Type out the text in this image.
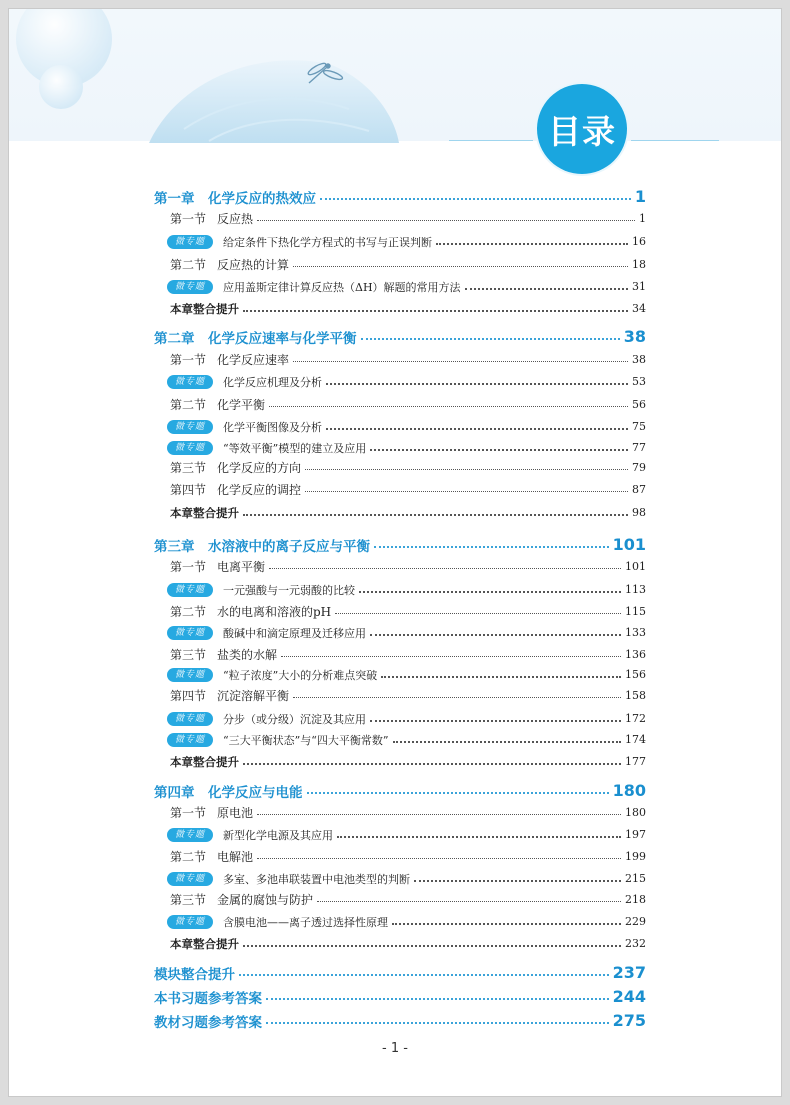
目录
第一章　化学反应的热效应	1
第一节 反应热	1
微专题	给定条件下热化学方程式的书写与正误判断	16
第二节 反应热的计算	18
微专题	应用盖斯定律计算反应热（ΔH）解题的常用方法	31
本章整合提升	34
第二章　化学反应速率与化学平衡	38
第一节 化学反应速率	38
微专题	化学反应机理及分析	53
第二节 化学平衡	56
微专题	化学平衡图像及分析	75
微专题	“等效平衡”模型的建立及应用	77
第三节 化学反应的方向	79
第四节 化学反应的调控	87
本章整合提升	98
第三章　水溶液中的离子反应与平衡	101
第一节 电离平衡	101
微专题	一元强酸与一元弱酸的比较	113
第二节 水的电离和溶液的pH	115
微专题	酸碱中和滴定原理及迁移应用	133
第三节 盐类的水解	136
微专题	“粒子浓度”大小的分析难点突破	156
第四节 沉淀溶解平衡	158
微专题	分步（或分级）沉淀及其应用	172
微专题	“三大平衡状态”与“四大平衡常数”	174
本章整合提升	177
第四章　化学反应与电能	180
第一节 原电池	180
微专题	新型化学电源及其应用	197
第二节 电解池	199
微专题	多室、多池串联装置中电池类型的判断	215
第三节 金属的腐蚀与防护	218
微专题	含膜电池——离子透过选择性原理	229
本章整合提升	232
模块整合提升	237
本书习题参考答案	244
教材习题参考答案	275
- 1 -
